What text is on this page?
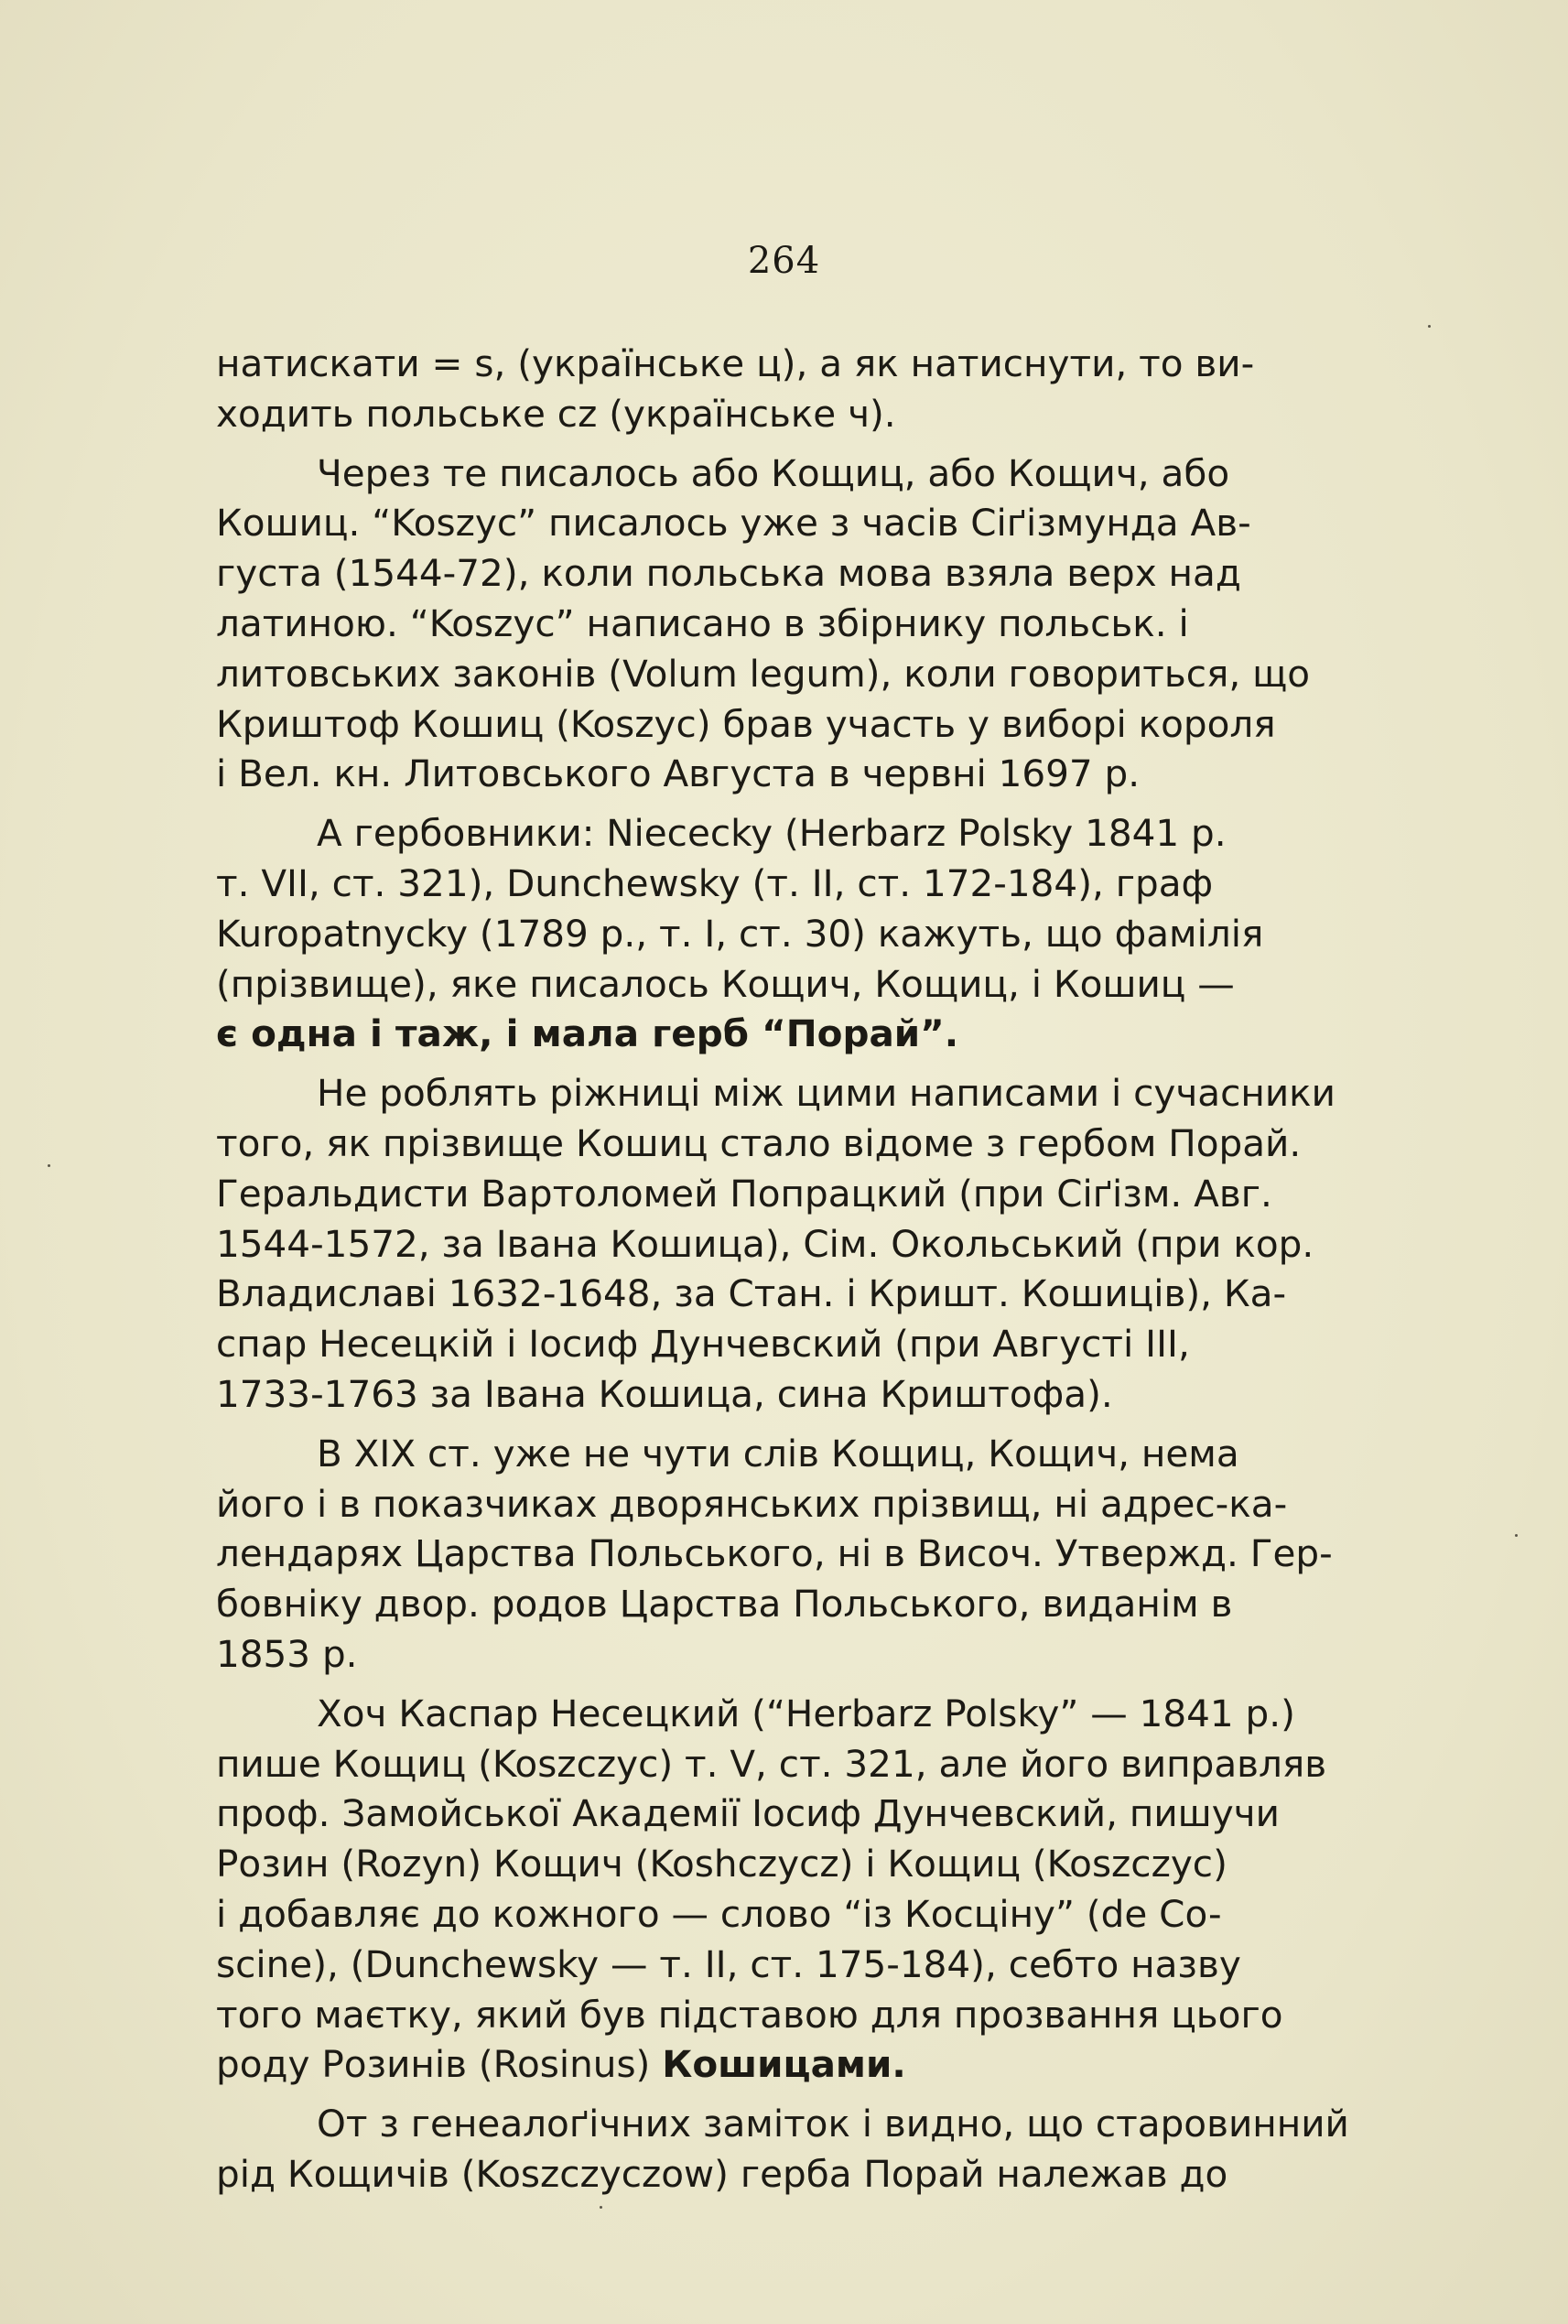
264
натискати = s, (українське ц), а як натиснути, то ви-
ходить польське cz (українське ч).
Через те писалось або Кощиц, або Кощич, або
Кошиц. “Koszyc” писалось уже з часів Сіґізмунда Ав-
густа (1544-72), коли польська мова взяла верх над
латиною. “Koszyc” написано в збірнику польськ. і
литовських законів (Volum legum), коли говориться, що
Криштоф Кошиц (Koszyc) брав участь у виборі короля
і Вел. кн. Литовського Августа в червні 1697 р.
А гербовники: Niececky (Herbarz Polsky 1841 р.
т. VII, ст. 321), Dunchewsky (т. II, ст. 172-184), граф
Kuropatnycky (1789 р., т. I, ст. 30) кажуть, що фамілія
(прізвище), яке писалось Кощич, Кощиц, і Кошиц —
є одна і таж, і мала герб “Порай”.
Не роблять ріжниці між цими написами і сучасники
того, як прізвище Кошиц стало відоме з гербом Порай.
Геральдисти Вартоломей Попрацкий (при Сіґізм. Авг.
1544-1572, за Івана Кошица), Сім. Окольський (при кор.
Владиславі 1632-1648, за Стан. і Кришт. Кошиців), Ка-
спар Несецкій і Іосиф Дунчевский (при Августі III,
1733-1763 за Івана Кошица, сина Криштофа).
В XIX ст. уже не чути слів Кощиц, Кощич, нема
його і в показчиках дворянських прізвищ, ні адрес-ка-
лендарях Царства Польського, ні в Височ. Утвержд. Гер-
бовніку двор. родов Царства Польського, виданім в
1853 р.
Хоч Каспар Несецкий (“Herbarz Polsky” — 1841 р.)
пише Кощиц (Koszczyc) т. V, ст. 321, але його виправляв
проф. Замойської Академії Іосиф Дунчевский, пишучи
Розин (Rozyn) Кощич (Koshczycz) і Кощиц (Koszczyc)
і добавляє до кожного — слово “із Косціну” (de Co-
scine), (Dunchewsky — т. II, ст. 175-184), себто назву
того маєтку, який був підставою для прозвання цього
роду Розинів (Rosinus) Кошицами.
От з генеалоґічних заміток і видно, що старовинний
рід Кощичів (Koszczyczow) герба Порай належав до
